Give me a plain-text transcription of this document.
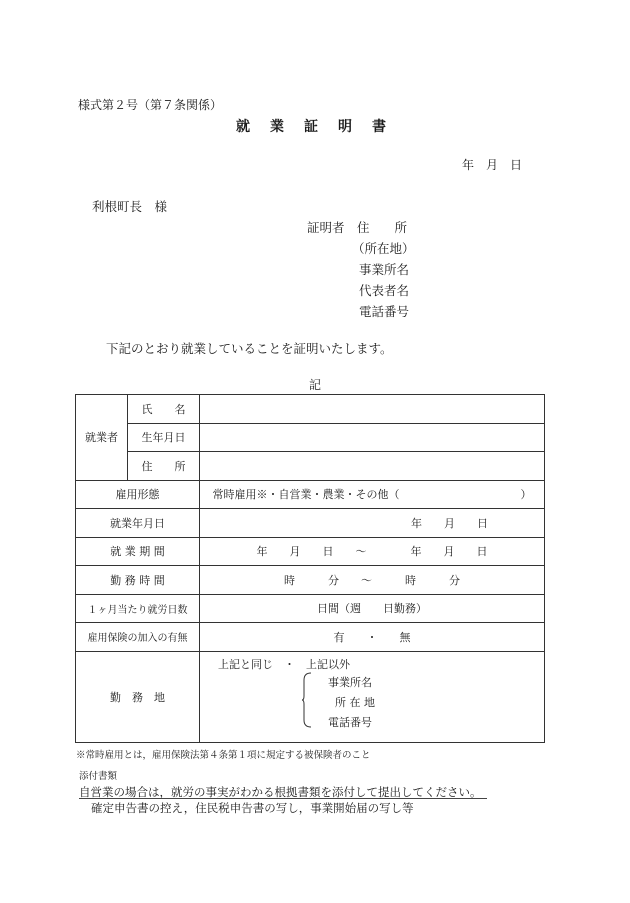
様式第２号（第７条関係）
就業証明書
年　月　日
利根町長　様
証明者　住　　所
（所在地）
事業所名
代表者名
電話番号
下記のとおり就業していることを証明いたします。
記
就業者	氏　　名	
	生年月日	
	住　　所	
雇用形態		常時雇用※・自営業・農業・その他（　　　　　　　　　　　）
就業年月日		年　　月　　日
就 業 期 間		年　　月　　日　　～　　　　年　　月　　日
勤 務 時 間		時　　　分　　～　　　時　　　分
１ヶ月当たり就労日数		日間（週　　日勤務）
雇用保険の加入の有無		有　　・　　無
勤　務　地		上記と同じ　・　上記以外
事業所名
所 在 地
電話番号
※常時雇用とは，雇用保険法第４条第１項に規定する被保険者のこと
添付書類
自営業の場合は，就労の事実がわかる根拠書類を添付して提出してください。
確定申告書の控え，住民税申告書の写し，事業開始届の写し等
